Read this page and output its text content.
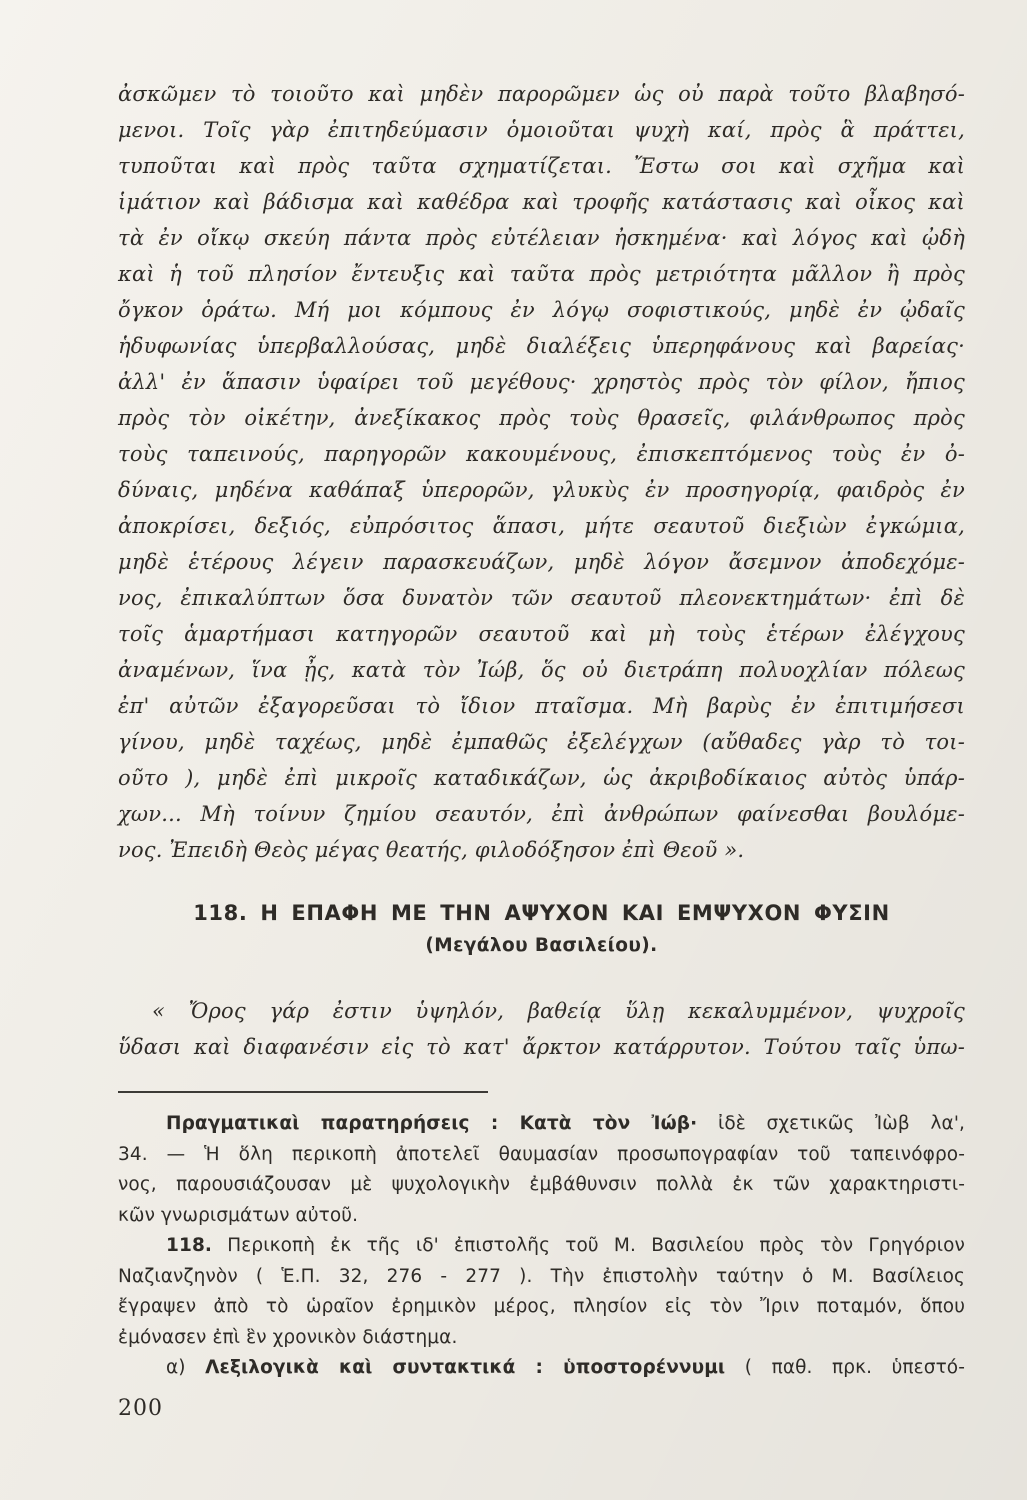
ἀσκῶμεν τὸ τοιοῦτο καὶ μηδὲν παρορῶμεν ὡς οὐ παρὰ τοῦτο βλαβησό-
μενοι. Τοῖς γὰρ ἐπιτηδεύμασιν ὁμοιοῦται ψυχὴ καί, πρὸς ἃ πράττει,
τυποῦται καὶ πρὸς ταῦτα σχηματίζεται. Ἔστω σοι καὶ σχῆμα καὶ
ἱμάτιον καὶ βάδισμα καὶ καθέδρα καὶ τροφῆς κατάστασις καὶ οἶκος καὶ
τὰ ἐν οἴκῳ σκεύη πάντα πρὸς εὐτέλειαν ἠσκημένα· καὶ λόγος καὶ ᾠδὴ
καὶ ἡ τοῦ πλησίον ἔντευξις καὶ ταῦτα πρὸς μετριότητα μᾶλλον ἢ πρὸς
ὄγκον ὁράτω. Μή μοι κόμπους ἐν λόγῳ σοφιστικούς, μηδὲ ἐν ᾠδαῖς
ἡδυφωνίας ὑπερβαλλούσας, μηδὲ διαλέξεις ὑπερηφάνους καὶ βαρείας·
ἀλλ' ἐν ἅπασιν ὑφαίρει τοῦ μεγέθους· χρηστὸς πρὸς τὸν φίλον, ἤπιος
πρὸς τὸν οἰκέτην, ἀνεξίκακος πρὸς τοὺς θρασεῖς, φιλάνθρωπος πρὸς
τοὺς ταπεινούς, παρηγορῶν κακουμένους, ἐπισκεπτόμενος τοὺς ἐν ὀ-
δύναις, μηδένα καθάπαξ ὑπερορῶν, γλυκὺς ἐν προσηγορίᾳ, φαιδρὸς ἐν
ἀποκρίσει, δεξιός, εὐπρόσιτος ἅπασι, μήτε σεαυτοῦ διεξιὼν ἐγκώμια,
μηδὲ ἑτέρους λέγειν παρασκευάζων, μηδὲ λόγον ἄσεμνον ἀποδεχόμε-
νος, ἐπικαλύπτων ὅσα δυνατὸν τῶν σεαυτοῦ πλεονεκτημάτων· ἐπὶ δὲ
τοῖς ἁμαρτήμασι κατηγορῶν σεαυτοῦ καὶ μὴ τοὺς ἑτέρων ἐλέγχους
ἀναμένων, ἵνα ᾖς, κατὰ τὸν Ἰώβ, ὅς οὐ διετράπη πολυοχλίαν πόλεως
ἐπ' αὐτῶν ἐξαγορεῦσαι τὸ ἴδιον πταῖσμα. Μὴ βαρὺς ἐν ἐπιτιμήσεσι
γίνου, μηδὲ ταχέως, μηδὲ ἐμπαθῶς ἐξελέγχων (αὔθαδες γὰρ τὸ τοι-
οῦτο ), μηδὲ ἐπὶ μικροῖς καταδικάζων, ὡς ἀκριβοδίκαιος αὐτὸς ὑπάρ-
χων... Μὴ τοίνυν ζημίου σεαυτόν, ἐπὶ ἀνθρώπων φαίνεσθαι βουλόμε-
νος. Ἐπειδὴ Θεὸς μέγας θεατής, φιλοδόξησον ἐπὶ Θεοῦ ».
118. Η ΕΠΑΦΗ ΜΕ ΤΗΝ ΑΨΥΧΟΝ ΚΑΙ ΕΜΨΥΧΟΝ ΦΥΣΙΝ
(Μεγάλου Βασιλείου).
« Ὄρος γάρ ἐστιν ὑψηλόν, βαθείᾳ ὕλῃ κεκαλυμμένον, ψυχροῖς
ὕδασι καὶ διαφανέσιν εἰς τὸ κατ' ἄρκτον κατάρρυτον. Τούτου ταῖς ὑπω-
Πραγματικαὶ παρατηρήσεις : Κατὰ τὸν Ἰώβ· ἰδὲ σχετικῶς Ἰὼβ λα',
34. — Ἡ ὅλη περικοπὴ ἀποτελεῖ θαυμασίαν προσωπογραφίαν τοῦ ταπεινόφρο-
νος, παρουσιάζουσαν μὲ ψυχολογικὴν ἐμβάθυνσιν πολλὰ ἐκ τῶν χαρακτηριστι-
κῶν γνωρισμάτων αὐτοῦ.
118. Περικοπὴ ἐκ τῆς ιδ' ἐπιστολῆς τοῦ Μ. Βασιλείου πρὸς τὸν Γρηγόριον
Ναζιανζηνὸν ( Ἑ.Π. 32, 276 - 277 ). Τὴν ἐπιστολὴν ταύτην ὁ Μ. Βασίλειος
ἔγραψεν ἀπὸ τὸ ὡραῖον ἐρημικὸν μέρος, πλησίον εἰς τὸν Ἴριν ποταμόν, ὅπου
ἐμόνασεν ἐπὶ ἓν χρονικὸν διάστημα.
α) Λεξιλογικὰ καὶ συντακτικά : ὑποστορέννυμι ( παθ. πρκ. ὑπεστό-
200
